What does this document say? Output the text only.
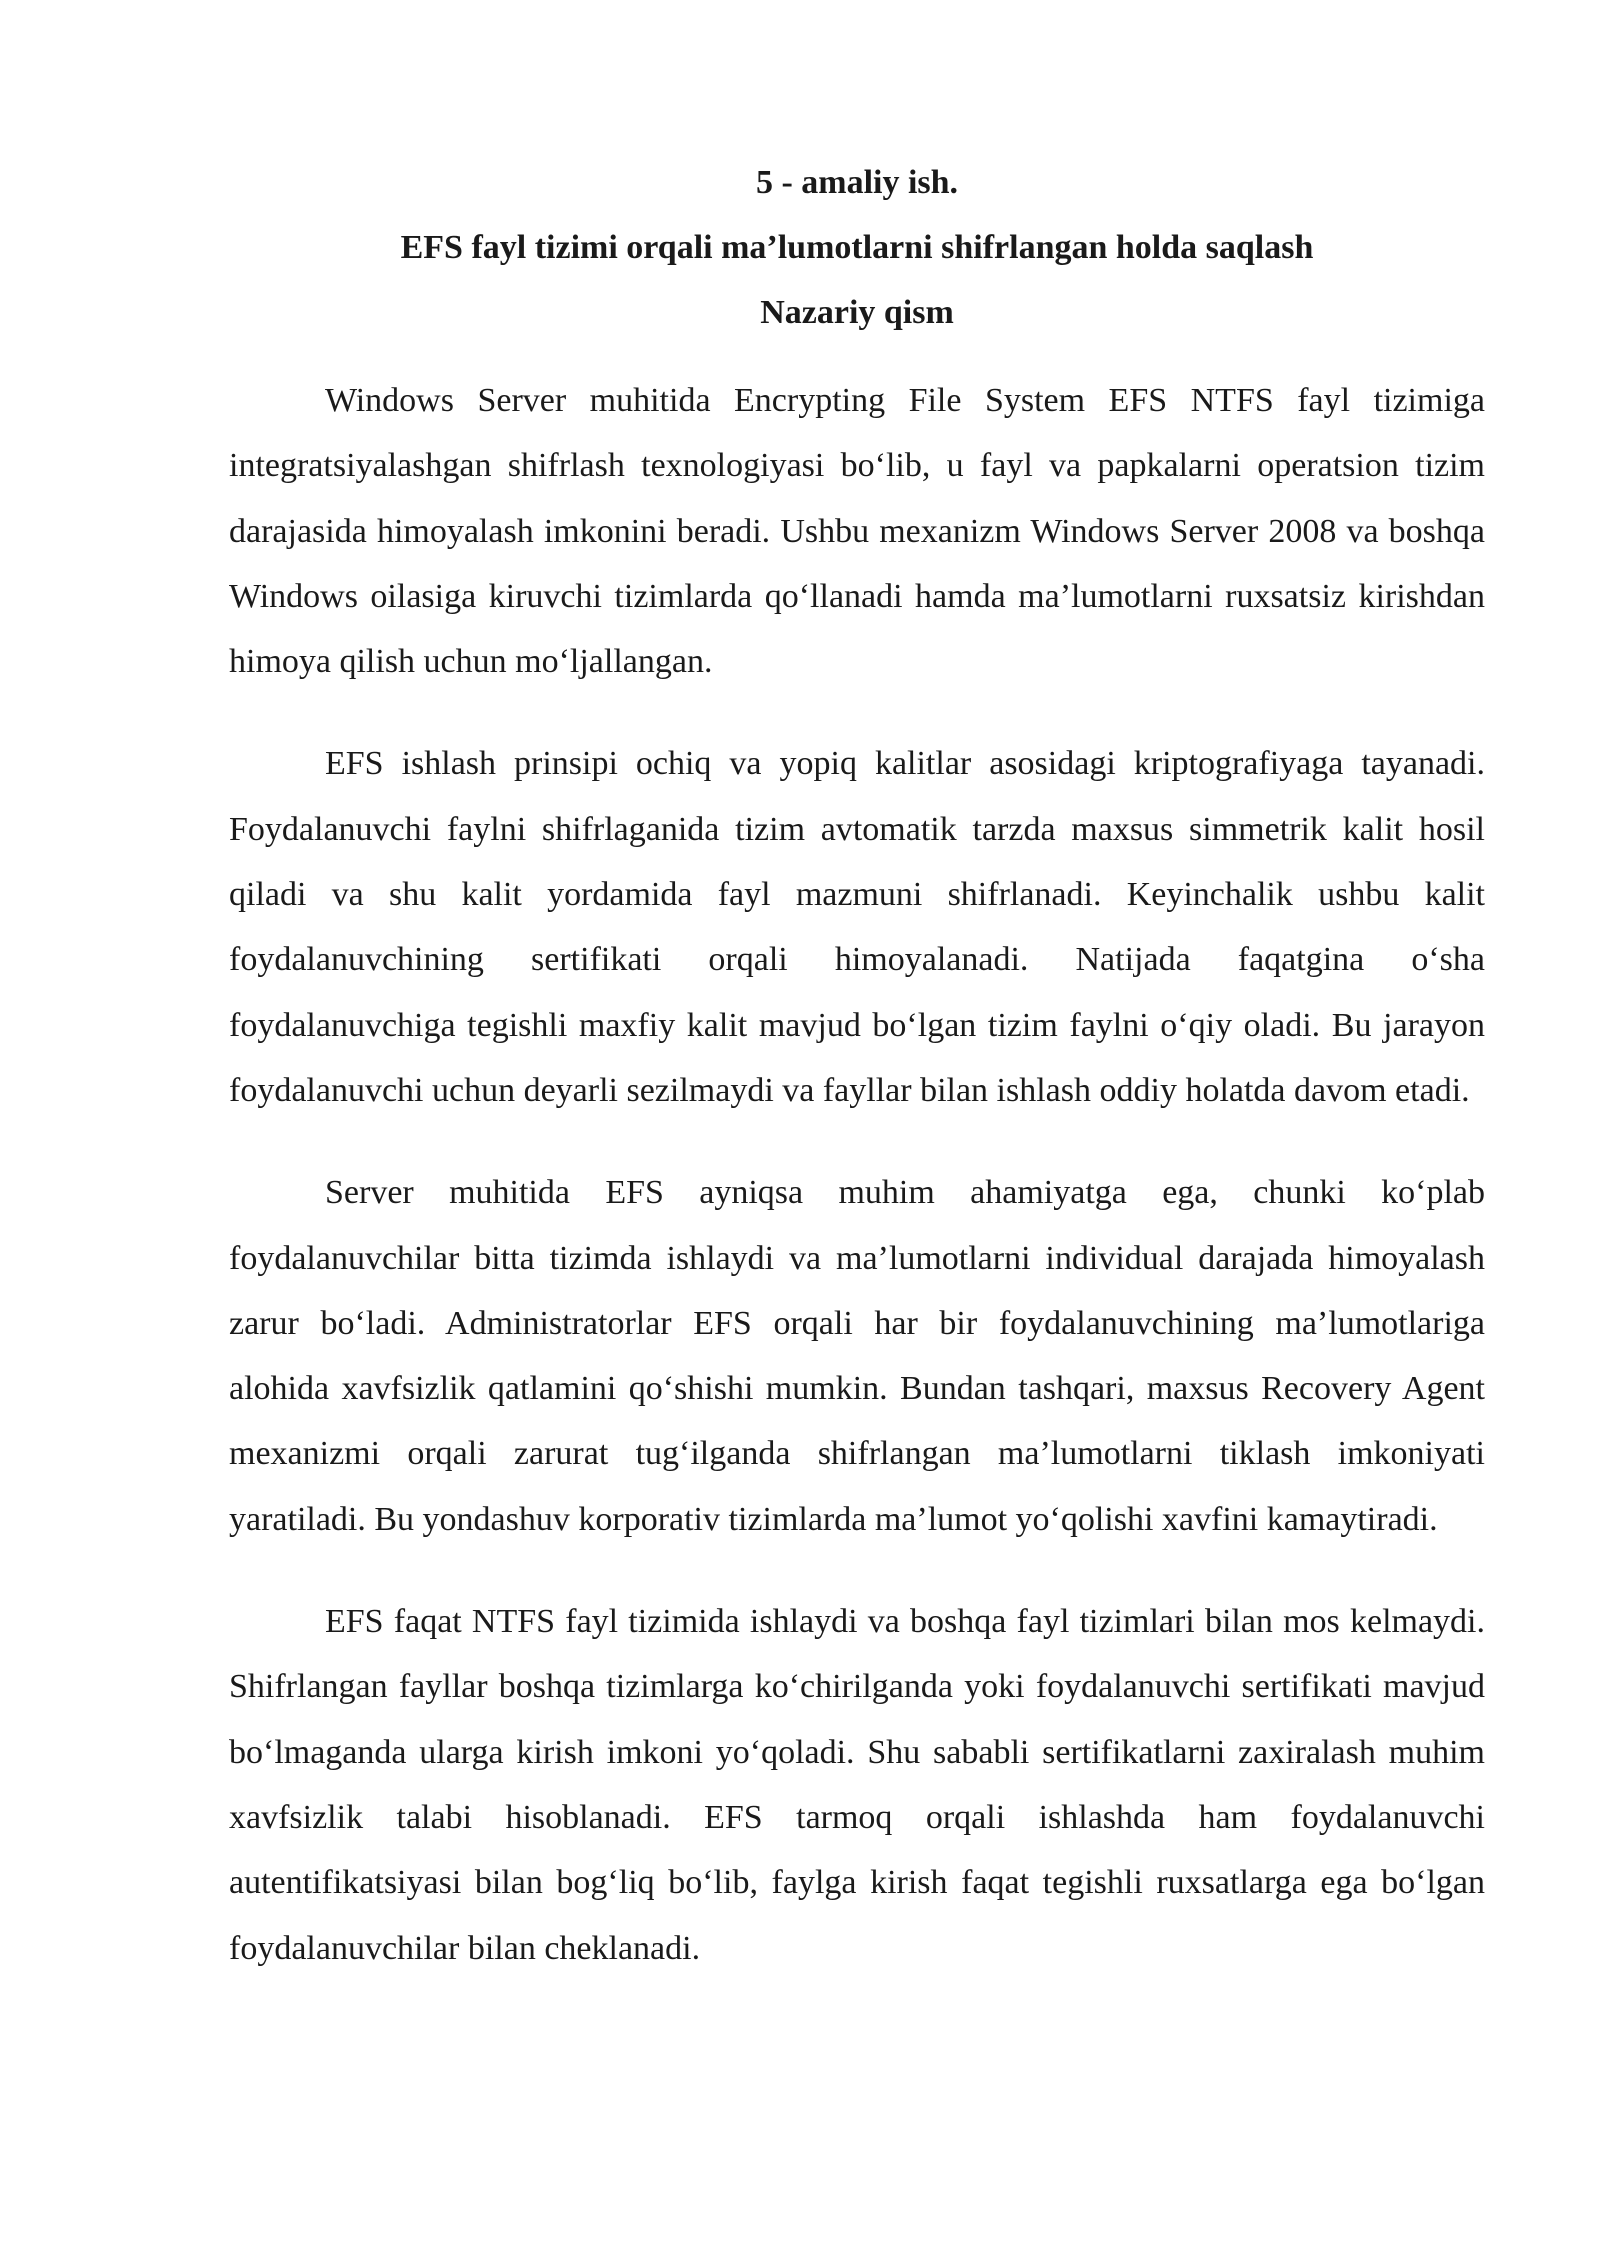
5 - amaliy ish.

EFS fayl tizimi orqali ma’lumotlarni shifrlangan holda saqlash

Nazariy qism

Windows Server muhitida Encrypting File System EFS NTFS fayl tizimiga integratsiyalashgan shifrlash texnologiyasi bo‘lib, u fayl va papkalarni operatsion tizim darajasida himoyalash imkonini beradi. Ushbu mexanizm Windows Server 2008 va boshqa Windows oilasiga kiruvchi tizimlarda qo‘llanadi hamda ma’lumotlarni ruxsatsiz kirishdan himoya qilish uchun mo‘ljallangan.

EFS ishlash prinsipi ochiq va yopiq kalitlar asosidagi kriptografiyaga tayanadi. Foydalanuvchi faylni shifrlaganida tizim avtomatik tarzda maxsus simmetrik kalit hosil qiladi va shu kalit yordamida fayl mazmuni shifrlanadi. Keyinchalik ushbu kalit foydalanuvchining sertifikati orqali himoyalanadi. Natijada faqatgina o‘sha foydalanuvchiga tegishli maxfiy kalit mavjud bo‘lgan tizim faylni o‘qiy oladi. Bu jarayon foydalanuvchi uchun deyarli sezilmaydi va fayllar bilan ishlash oddiy holatda davom etadi.

Server muhitida EFS ayniqsa muhim ahamiyatga ega, chunki ko‘plab foydalanuvchilar bitta tizimda ishlaydi va ma’lumotlarni individual darajada himoyalash zarur bo‘ladi. Administratorlar EFS orqali har bir foydalanuvchining ma’lumotlariga alohida xavfsizlik qatlamini qo‘shishi mumkin. Bundan tashqari, maxsus Recovery Agent mexanizmi orqali zarurat tug‘ilganda shifrlangan ma’lumotlarni tiklash imkoniyati yaratiladi. Bu yondashuv korporativ tizimlarda ma’lumot yo‘qolishi xavfini kamaytiradi.

EFS faqat NTFS fayl tizimida ishlaydi va boshqa fayl tizimlari bilan mos kelmaydi. Shifrlangan fayllar boshqa tizimlarga ko‘chirilganda yoki foydalanuvchi sertifikati mavjud bo‘lmaganda ularga kirish imkoni yo‘qoladi. Shu sababli sertifikatlarni zaxiralash muhim xavfsizlik talabi hisoblanadi. EFS tarmoq orqali ishlashda ham foydalanuvchi autentifikatsiyasi bilan bog‘liq bo‘lib, faylga kirish faqat tegishli ruxsatlarga ega bo‘lgan foydalanuvchilar bilan cheklanadi.
